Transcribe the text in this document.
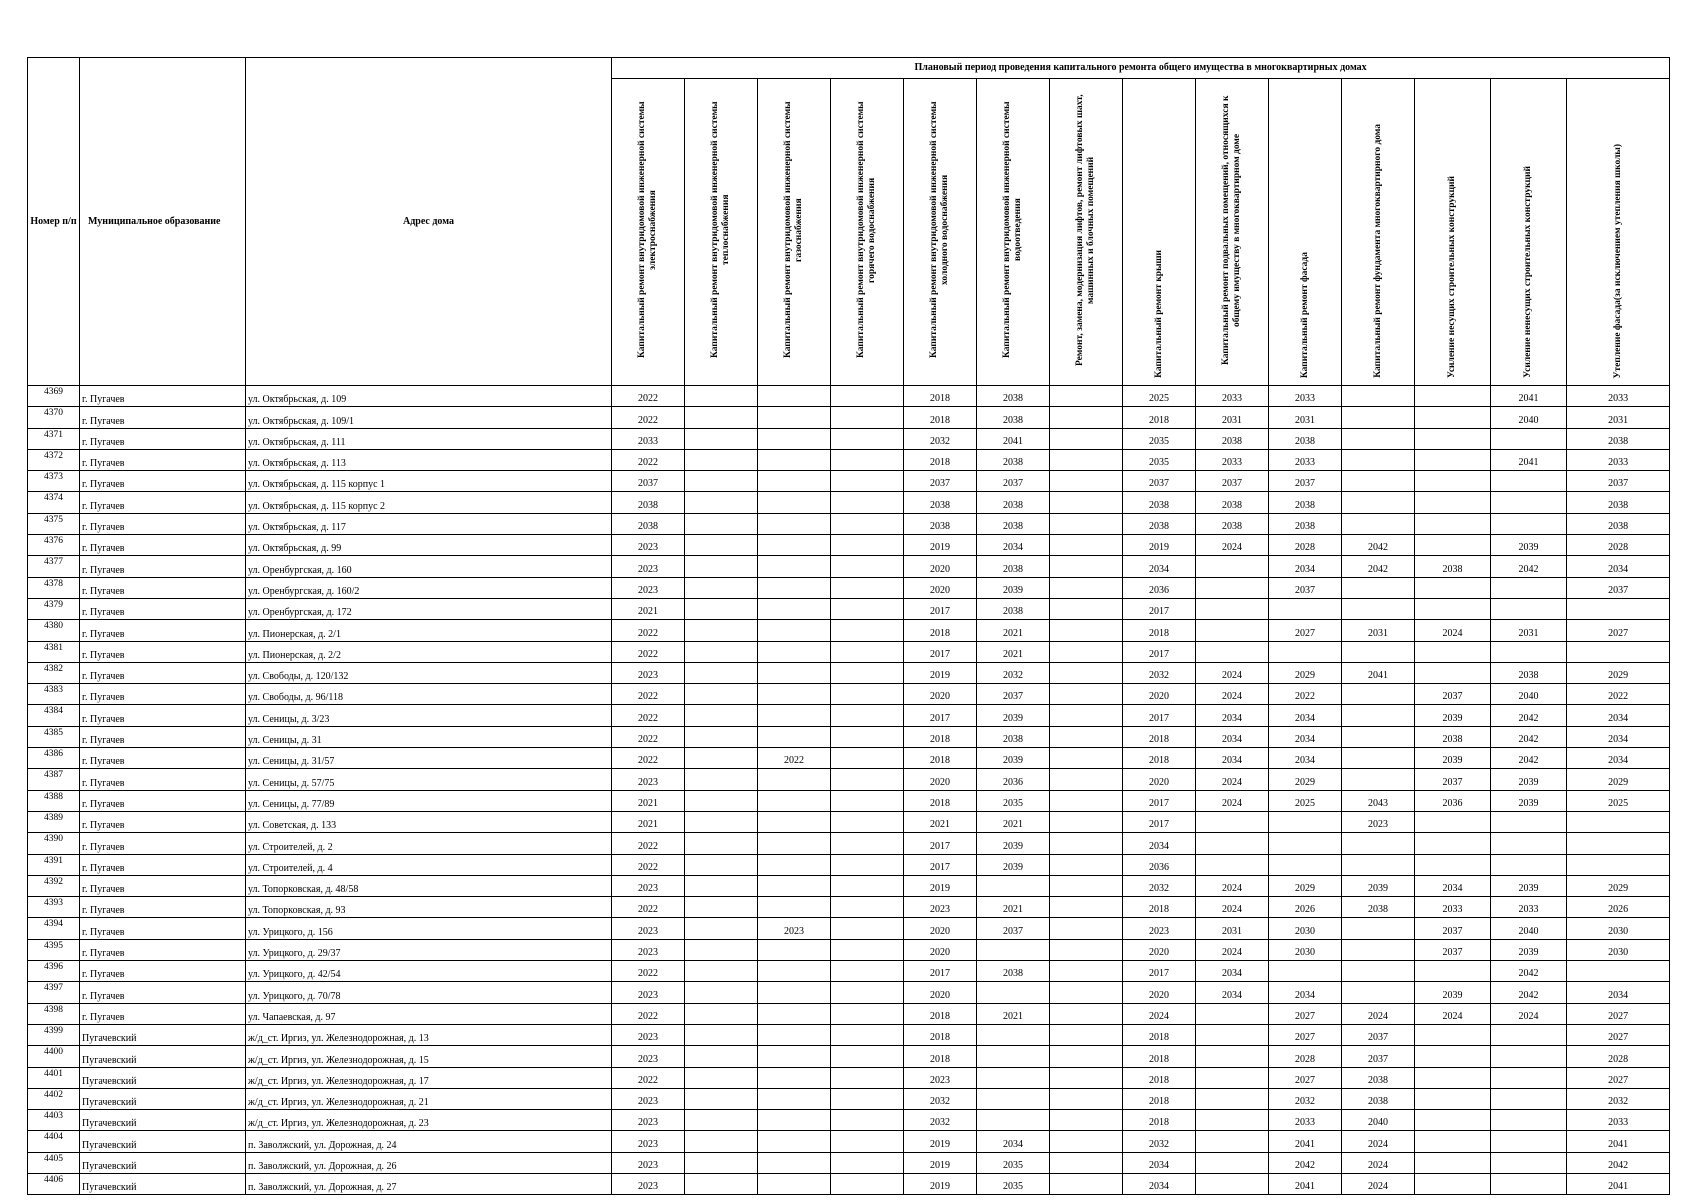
Номер п/п	Муниципальное образование	Адрес дома	Плановый период проведения капитального ремонта общего имущества в многоквартирных домах													
			Капитальный ремонт внутридомовой инженерной системы электроснабжения	Капитальный ремонт внутридомовой инженерной системы теплоснабжения	Капитальный ремонт внутридомовой инженерной системы газоснабжения	Капитальный ремонт внутридомовой инженерной системы горячего водоснабжения	Капитальный ремонт внутридомовой инженерной системы холодного водоснабжения	Капитальный ремонт внутридомовой инженерной системы водоотведения	Ремонт, замена, модернизация лифтов, ремонт лифтовых шахт, машинных и блочных помещений	Капитальный ремонт крыши	Капитальный ремонт подвальных помещений, относящихся к общему имуществу в многоквартирном доме	Капитальный ремонт фасада	Капитальный ремонт фундамента многоквартирного дома	Усиление несущих строительных конструкций	Усиление ненесущих строительных конструкций	Утепление фасада(за исключением утепления школы)
4369	г. Пугачев	ул. Октябрьская, д. 109	2022				2018	2038		2025	2033	2033			2041	2033
4370	г. Пугачев	ул. Октябрьская, д. 109/1	2022				2018	2038		2018	2031	2031			2040	2031
4371	г. Пугачев	ул. Октябрьская, д. 111	2033				2032	2041		2035	2038	2038				2038
4372	г. Пугачев	ул. Октябрьская, д. 113	2022				2018	2038		2035	2033	2033			2041	2033
4373	г. Пугачев	ул. Октябрьская, д. 115 корпус 1	2037				2037	2037		2037	2037	2037				2037
4374	г. Пугачев	ул. Октябрьская, д. 115 корпус 2	2038				2038	2038		2038	2038	2038				2038
4375	г. Пугачев	ул. Октябрьская, д. 117	2038				2038	2038		2038	2038	2038				2038
4376	г. Пугачев	ул. Октябрьская, д. 99	2023				2019	2034		2019	2024	2028	2042		2039	2028
4377	г. Пугачев	ул. Оренбургская, д. 160	2023				2020	2038		2034		2034	2042	2038	2042	2034
4378	г. Пугачев	ул. Оренбургская, д. 160/2	2023				2020	2039		2036		2037				2037
4379	г. Пугачев	ул. Оренбургская, д. 172	2021				2017	2038		2017						
4380	г. Пугачев	ул. Пионерская, д. 2/1	2022				2018	2021		2018		2027	2031	2024	2031	2027
4381	г. Пугачев	ул. Пионерская, д. 2/2	2022				2017	2021		2017						
4382	г. Пугачев	ул. Свободы, д. 120/132	2023				2019	2032		2032	2024	2029	2041		2038	2029
4383	г. Пугачев	ул. Свободы, д. 96/118	2022				2020	2037		2020	2024	2022		2037	2040	2022
4384	г. Пугачев	ул. Сеницы, д. 3/23	2022				2017	2039		2017	2034	2034		2039	2042	2034
4385	г. Пугачев	ул. Сеницы, д. 31	2022				2018	2038		2018	2034	2034		2038	2042	2034
4386	г. Пугачев	ул. Сеницы, д. 31/57	2022		2022		2018	2039		2018	2034	2034		2039	2042	2034
4387	г. Пугачев	ул. Сеницы, д. 57/75	2023				2020	2036		2020	2024	2029		2037	2039	2029
4388	г. Пугачев	ул. Сеницы, д. 77/89	2021				2018	2035		2017	2024	2025	2043	2036	2039	2025
4389	г. Пугачев	ул. Советская, д. 133	2021				2021	2021		2017			2023			
4390	г. Пугачев	ул. Строителей, д. 2	2022				2017	2039		2034						
4391	г. Пугачев	ул. Строителей, д. 4	2022				2017	2039		2036						
4392	г. Пугачев	ул. Топорковская, д. 48/58	2023				2019			2032	2024	2029	2039	2034	2039	2029
4393	г. Пугачев	ул. Топорковская, д. 93	2022				2023	2021		2018	2024	2026	2038	2033	2033	2026
4394	г. Пугачев	ул. Урицкого, д. 156	2023		2023		2020	2037		2023	2031	2030		2037	2040	2030
4395	г. Пугачев	ул. Урицкого, д. 29/37	2023				2020			2020	2024	2030		2037	2039	2030
4396	г. Пугачев	ул. Урицкого, д. 42/54	2022				2017	2038		2017	2034				2042	
4397	г. Пугачев	ул. Урицкого, д. 70/78	2023				2020			2020	2034	2034		2039	2042	2034
4398	г. Пугачев	ул. Чапаевская, д. 97	2022				2018	2021		2024		2027	2024	2024	2024	2027
4399	Пугачевский	ж/д_ст. Иргиз, ул. Железнодорожная, д. 13	2023				2018			2018		2027	2037			2027
4400	Пугачевский	ж/д_ст. Иргиз, ул. Железнодорожная, д. 15	2023				2018			2018		2028	2037			2028
4401	Пугачевский	ж/д_ст. Иргиз, ул. Железнодорожная, д. 17	2022				2023			2018		2027	2038			2027
4402	Пугачевский	ж/д_ст. Иргиз, ул. Железнодорожная, д. 21	2023				2032			2018		2032	2038			2032
4403	Пугачевский	ж/д_ст. Иргиз, ул. Железнодорожная, д. 23	2023				2032			2018		2033	2040			2033
4404	Пугачевский	п. Заволжский, ул. Дорожная, д. 24	2023				2019	2034		2032		2041	2024			2041
4405	Пугачевский	п. Заволжский, ул. Дорожная, д. 26	2023				2019	2035		2034		2042	2024			2042
4406	Пугачевский	п. Заволжский, ул. Дорожная, д. 27	2023				2019	2035		2034		2041	2024			2041
